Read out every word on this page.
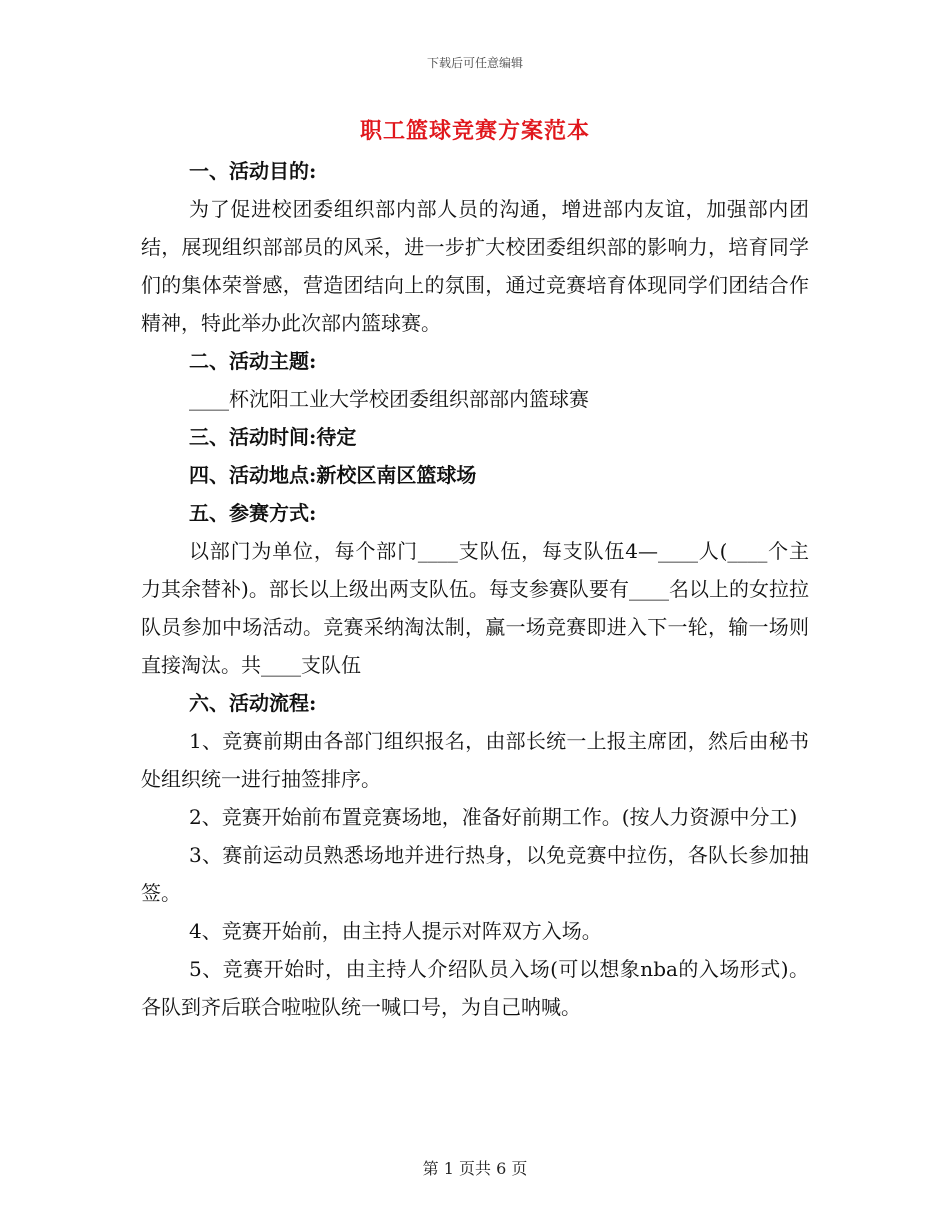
下载后可任意编辑
职工篮球竞赛方案范本

一、活动目的:

为了促进校团委组织部内部人员的沟通，增进部内友谊，加强部内团结，展现组织部部员的风采，进一步扩大校团委组织部的影响力，培育同学们的集体荣誉感，营造团结向上的氛围，通过竞赛培育体现同学们团结合作精神，特此举办此次部内篮球赛。

二、活动主题:

____杯沈阳工业大学校团委组织部部内篮球赛

三、活动时间:待定

四、活动地点:新校区南区篮球场

五、参赛方式:

以部门为单位，每个部门____支队伍，每支队伍4—____人(____个主力其余替补)。部长以上级出两支队伍。每支参赛队要有____名以上的女拉拉队员参加中场活动。竞赛采纳淘汰制，赢一场竞赛即进入下一轮，输一场则直接淘汰。共____支队伍

六、活动流程:

1、竞赛前期由各部门组织报名，由部长统一上报主席团，然后由秘书处组织统一进行抽签排序。

2、竞赛开始前布置竞赛场地，准备好前期工作。(按人力资源中分工)

3、赛前运动员熟悉场地并进行热身，以免竞赛中拉伤，各队长参加抽签。

4、竞赛开始前，由主持人提示对阵双方入场。

5、竞赛开始时，由主持人介绍队员入场(可以想象nba的入场形式)。各队到齐后联合啦啦队统一喊口号，为自己呐喊。

第 1 页共 6 页
